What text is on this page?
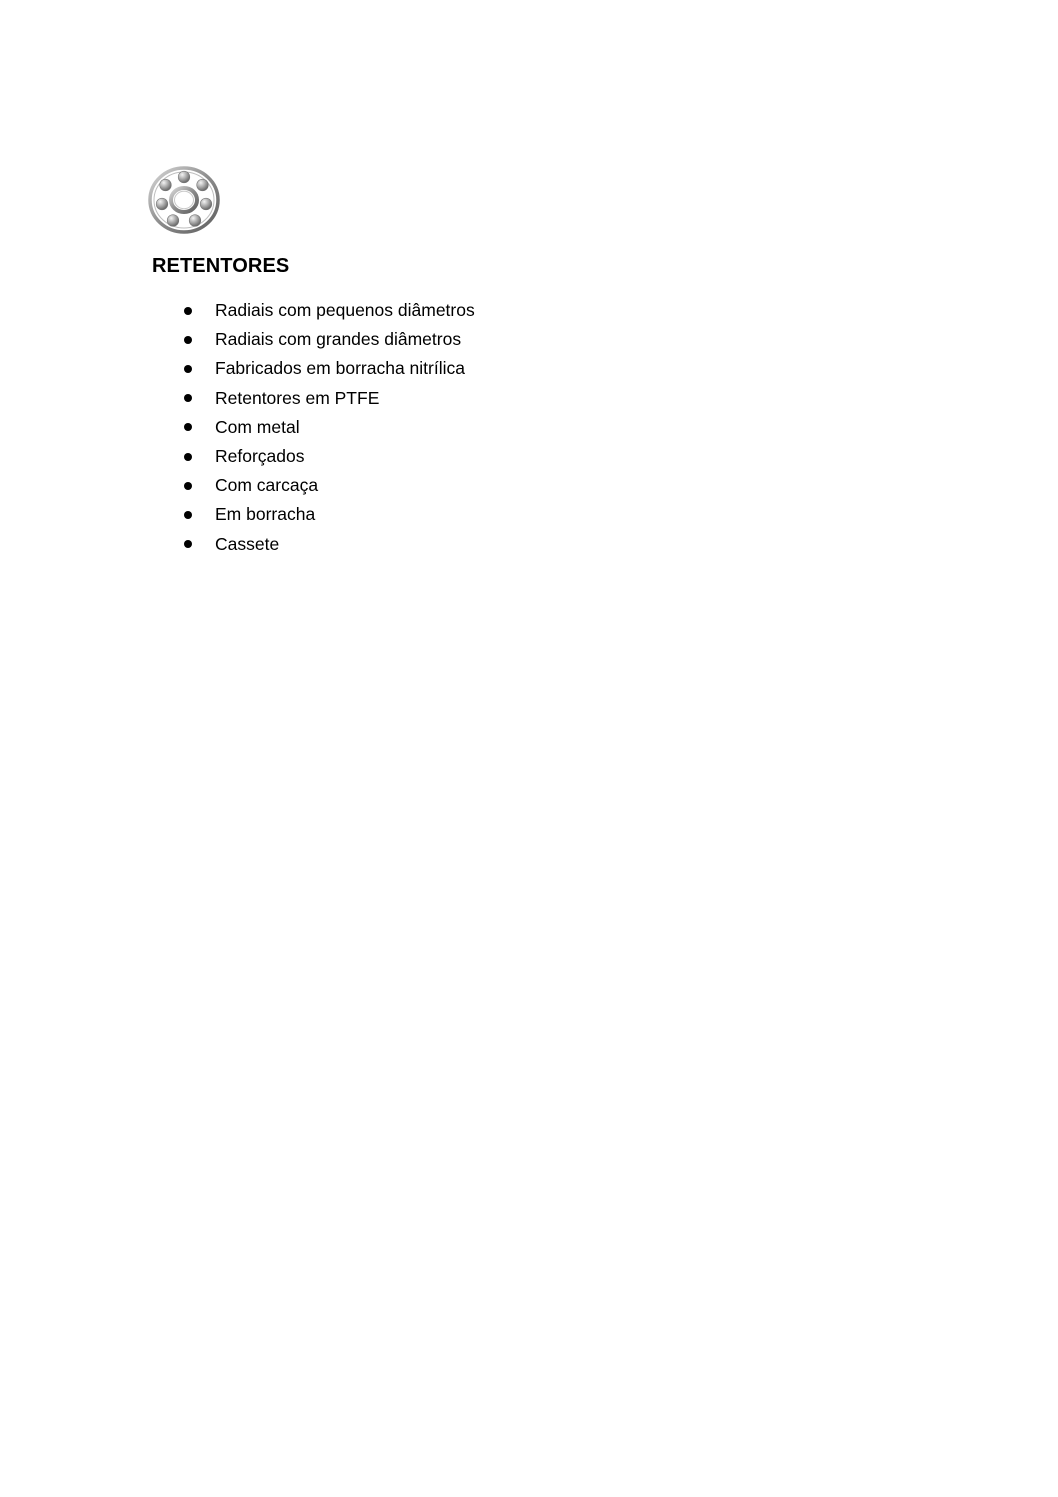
RETENTORES
Radiais com pequenos diâmetros
Radiais com grandes diâmetros
Fabricados em borracha nitrílica
Retentores em PTFE
Com metal
Reforçados
Com carcaça
Em borracha
Cassete
